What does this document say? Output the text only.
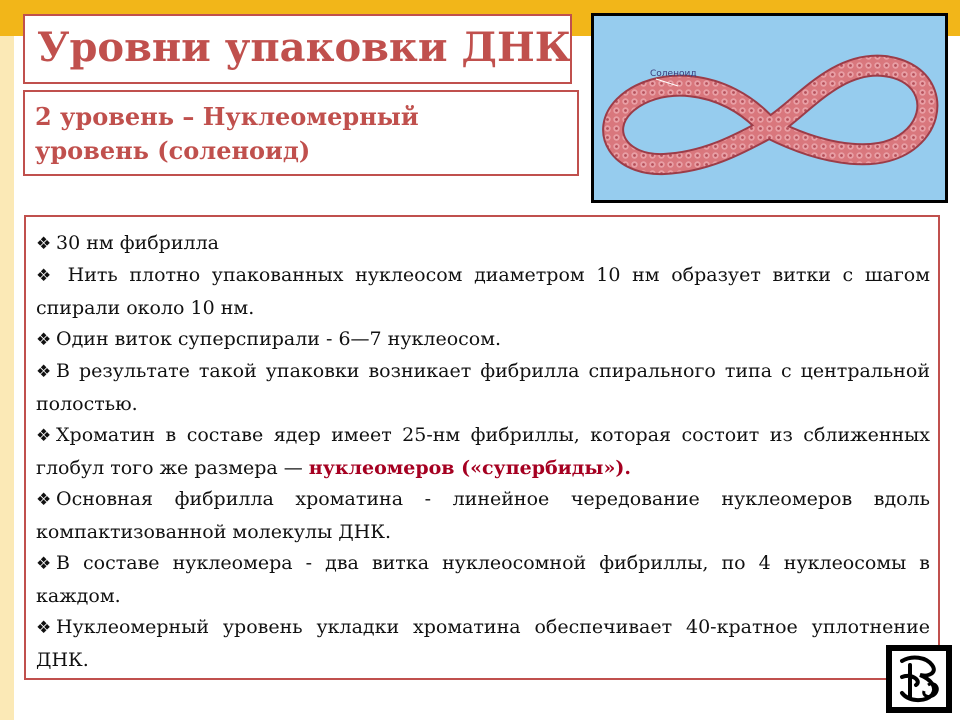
Уровни упаковки ДНК
2 уровень – Нуклеомерный
уровень (соленоид)
Соленоид
❖ 30 нм фибрилла
❖ Нить плотно упакованных нуклеосом диаметром 10 нм образует витки с шагом спирали около 10 нм.
❖ Один виток суперспирали - 6—7 нуклеосом.
❖ В результате такой упаковки возникает фибрилла спирального типа с центральной полостью.
❖ Хроматин в составе ядер имеет 25-нм фибриллы, которая состоит из сближенных глобул того же размера — нуклеомеров («супербиды»).
❖ Основная фибрилла хроматина - линейное чередование нуклеомеров вдоль компактизованной молекулы ДНК.
❖ В составе нуклеомера - два витка нуклеосомной фибриллы, по 4 нуклеосомы в каждом.
❖ Нуклеомерный уровень укладки хроматина обеспечивает 40-кратное уплотнение ДНК.
